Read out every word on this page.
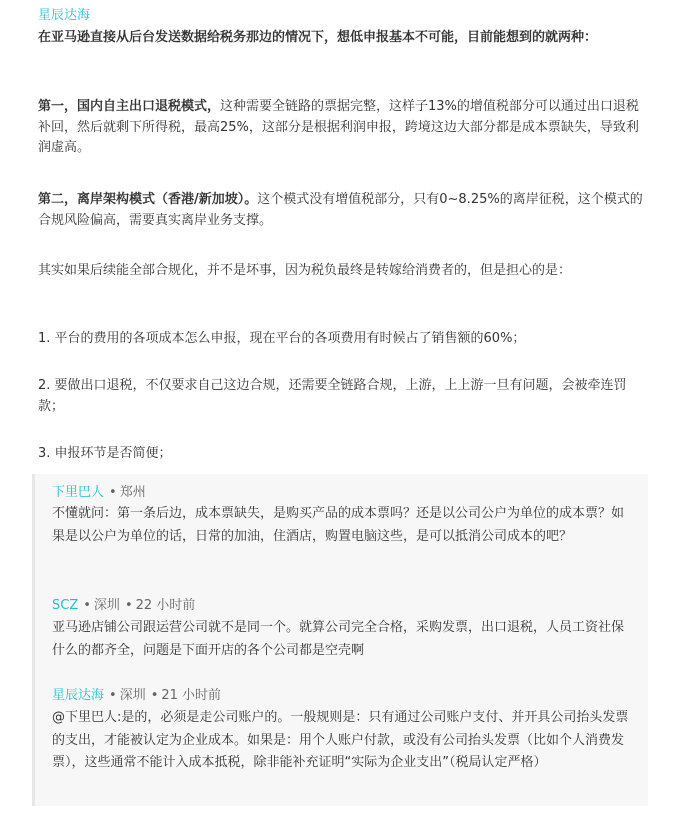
星辰达海
在亚马逊直接从后台发送数据给税务那边的情况下，想低申报基本不可能，目前能想到的就两种：
第一，国内自主出口退税模式，这种需要全链路的票据完整，这样子13%的增值税部分可以通过出口退税补回，然后就剩下所得税，最高25%，这部分是根据利润申报，跨境这边大部分都是成本票缺失，导致利润虚高。
第二，离岸架构模式（香港/新加坡）。这个模式没有增值税部分，只有0~8.25%的离岸征税，这个模式的合规风险偏高，需要真实离岸业务支撑。
其实如果后续能全部合规化，并不是坏事，因为税负最终是转嫁给消费者的，但是担心的是：
1. 平台的费用的各项成本怎么申报，现在平台的各项费用有时候占了销售额的60%；
2. 要做出口退税，不仅要求自己这边合规，还需要全链路合规，上游，上上游一旦有问题，会被牵连罚款；
3. 申报环节是否简便；
下里巴人 • 郑州
不懂就问：第一条后边，成本票缺失，是购买产品的成本票吗？还是以公司公户为单位的成本票？如果是以公户为单位的话，日常的加油，住酒店，购置电脑这些，是可以抵消公司成本的吧？
SCZ • 深圳 • 22 小时前
亚马逊店铺公司跟运营公司就不是同一个。就算公司完全合格，采购发票，出口退税，人员工资社保什么的都齐全，问题是下面开店的各个公司都是空壳啊
星辰达海 • 深圳 • 21 小时前
@下里巴人:是的，必须是走公司账户的。一般规则是：只有通过公司账户支付、并开具公司抬头发票的支出，才能被认定为企业成本。如果是：用个人账户付款，或没有公司抬头发票（比如个人消费发票），这些通常不能计入成本抵税，除非能补充证明“实际为企业支出”（税局认定严格）
